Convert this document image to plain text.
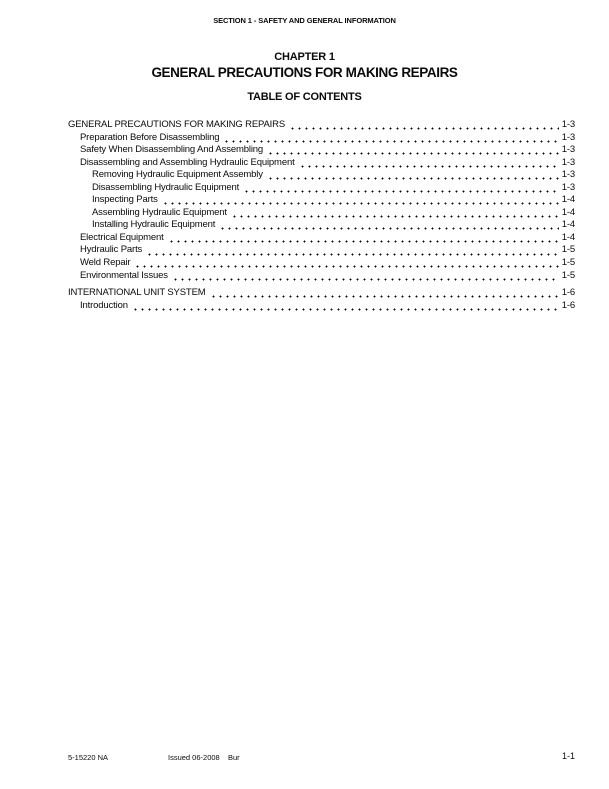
SECTION 1 - SAFETY AND GENERAL INFORMATION
CHAPTER 1
GENERAL PRECAUTIONS FOR MAKING REPAIRS
TABLE OF CONTENTS
GENERAL PRECAUTIONS FOR MAKING REPAIRS	1-3
Preparation Before Disassembling	1-3
Safety When Disassembling And Assembling	1-3
Disassembling and Assembling Hydraulic Equipment	1-3
Removing Hydraulic Equipment Assembly	1-3
Disassembling Hydraulic Equipment	1-3
Inspecting Parts	1-4
Assembling Hydraulic Equipment	1-4
Installing Hydraulic Equipment	1-4
Electrical Equipment	1-4
Hydraulic Parts	1-5
Weld Repair	1-5
Environmental Issues	1-5
INTERNATIONAL UNIT SYSTEM	1-6
Introduction	1-6
5-15220 NA	Issued 06-2008 Bur	1-1
